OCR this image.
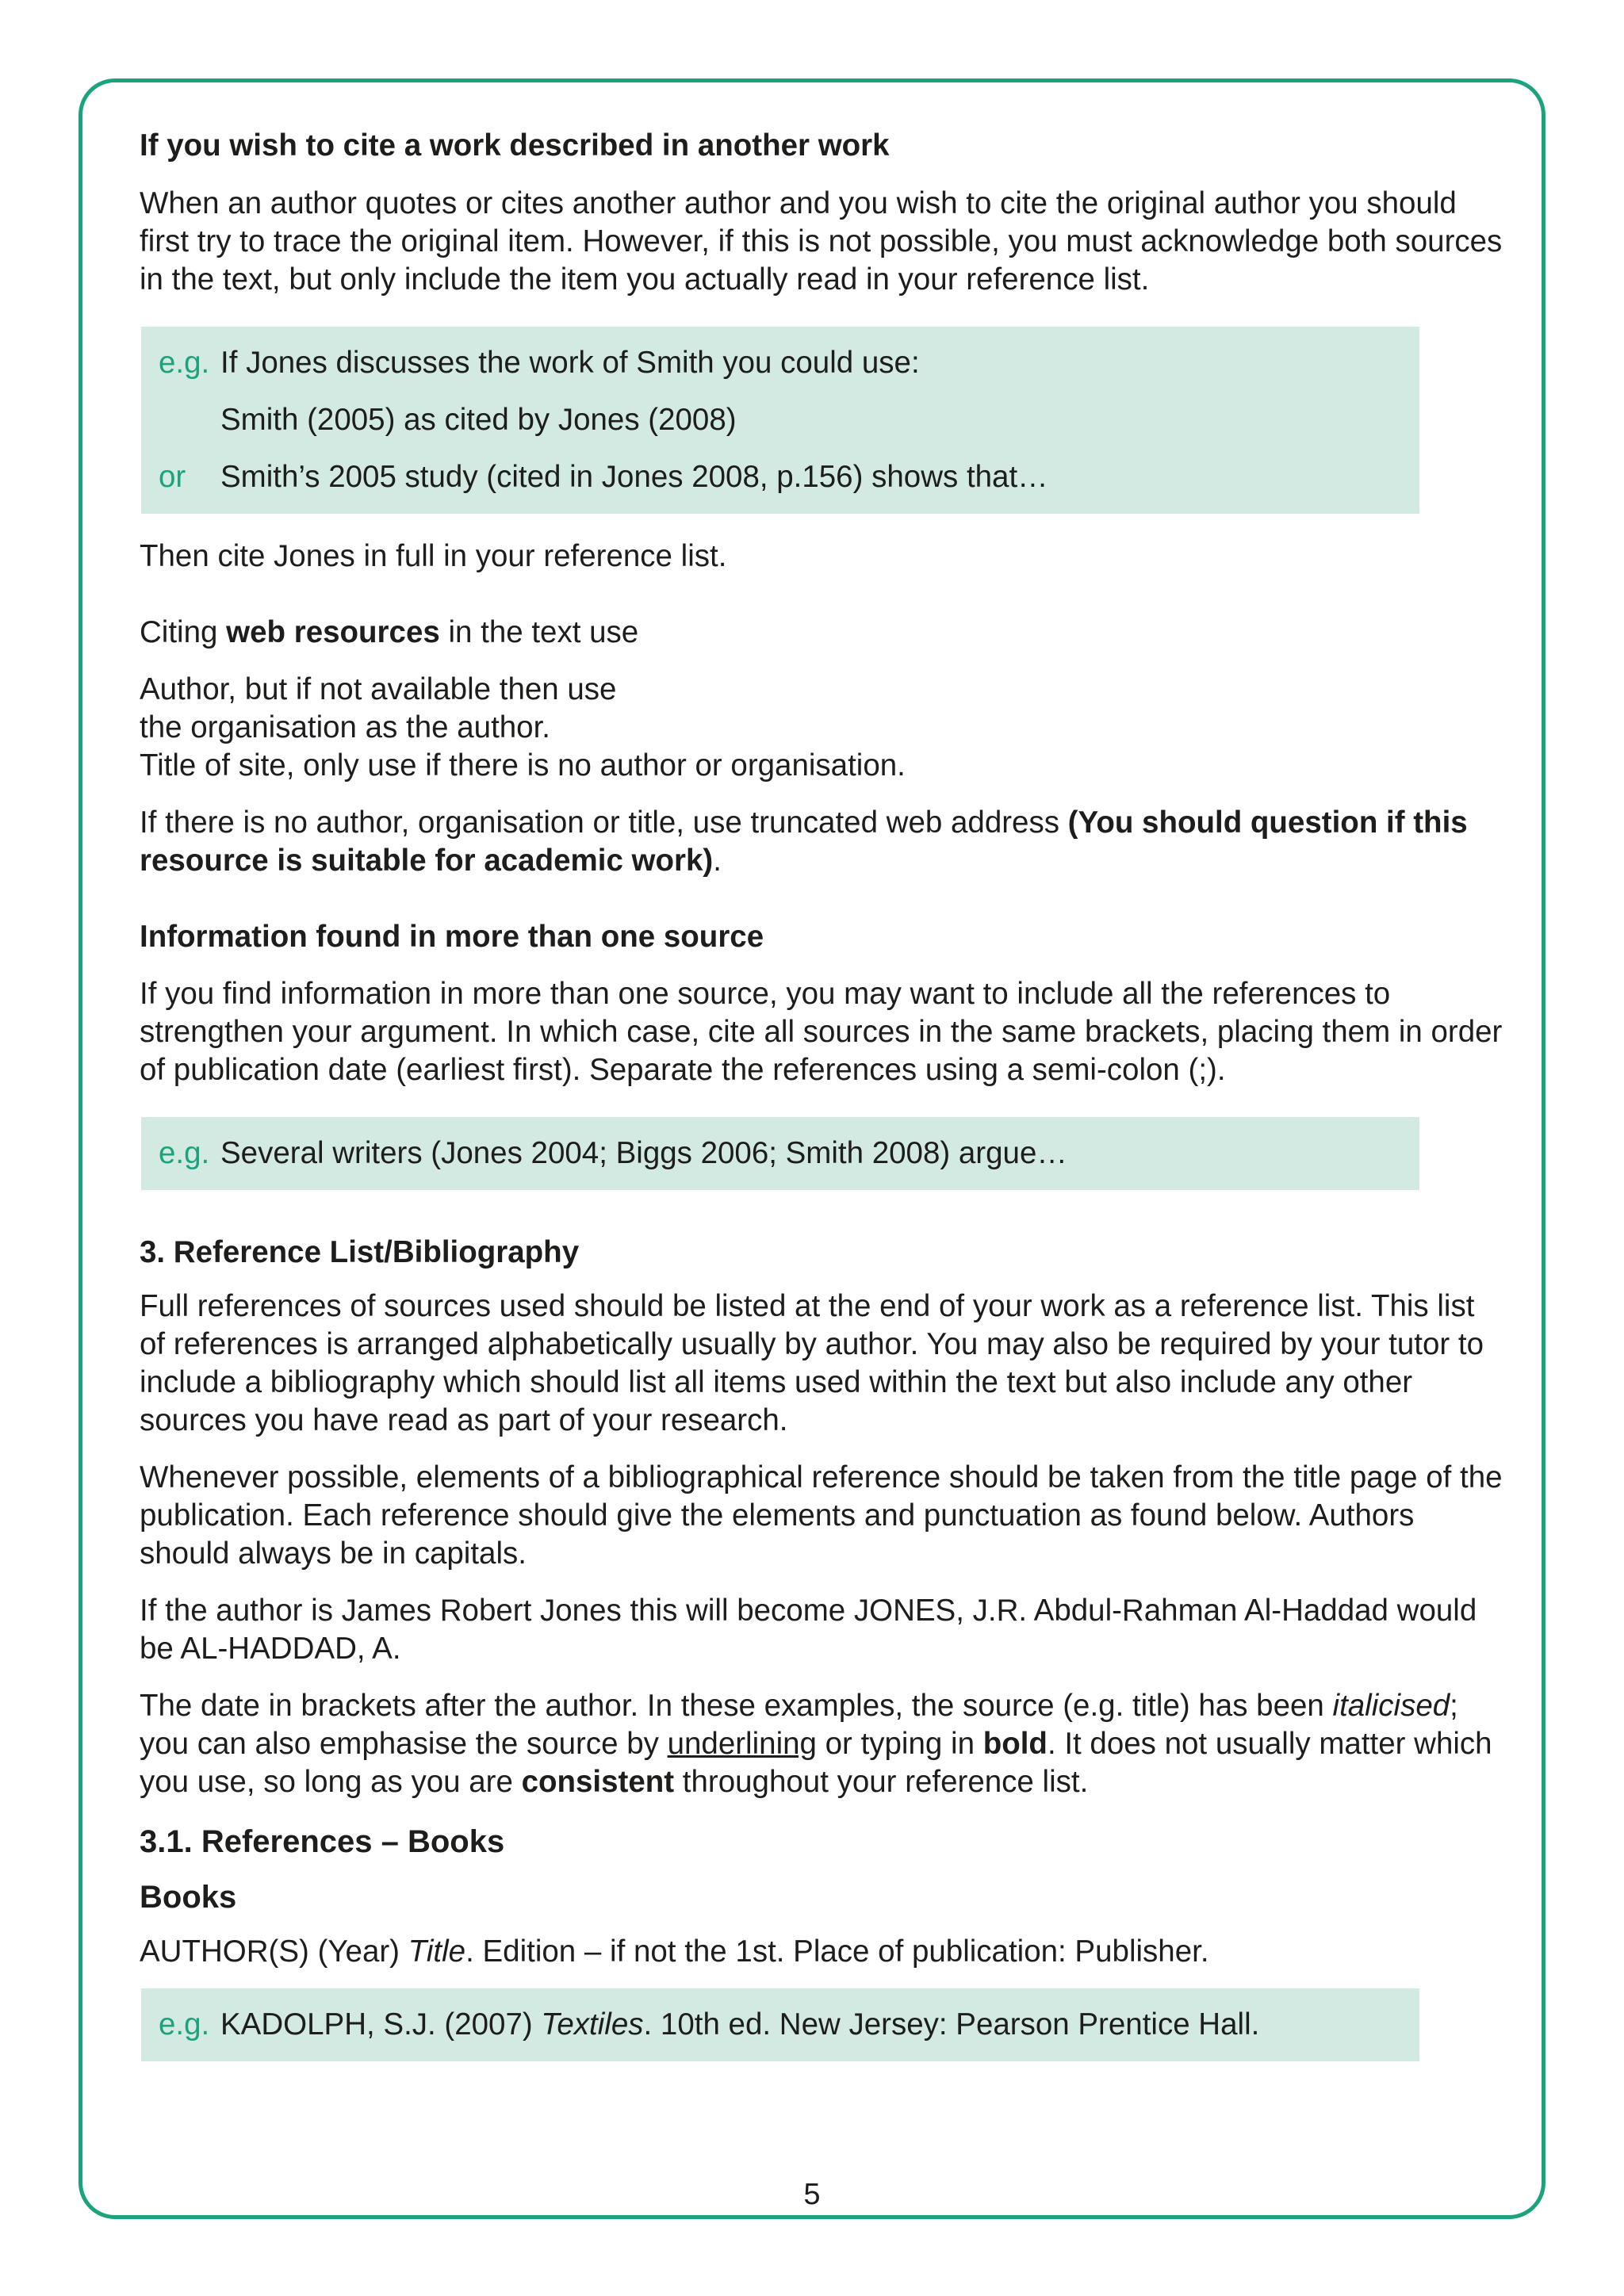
If you wish to cite a work described in another work

When an author quotes or cites another author and you wish to cite the original author you should first try to trace the original item. However, if this is not possible, you must acknowledge both sources in the text, but only include the item you actually read in your reference list.

e.g. If Jones discusses the work of Smith you could use:
Smith (2005) as cited by Jones (2008)
or	Smith’s 2005 study (cited in Jones 2008, p.156) shows that…

Then cite Jones in full in your reference list.

Citing web resources in the text use

Author, but if not available then use

the organisation as the author.

Title of site, only use if there is no author or organisation.

If there is no author, organisation or title, use truncated web address (You should question if this resource is suitable for academic work).

Information found in more than one source

If you find information in more than one source, you may want to include all the references to strengthen your argument. In which case, cite all sources in the same brackets, placing them in order of publication date (earliest first). Separate the references using a semi-colon (;).

e.g. Several writers (Jones 2004; Biggs 2006; Smith 2008) argue…

3. Reference List/Bibliography

Full references of sources used should be listed at the end of your work as a reference list. This list of references is arranged alphabetically usually by author. You may also be required by your tutor to include a bibliography which should list all items used within the text but also include any other sources you have read as part of your research.

Whenever possible, elements of a bibliographical reference should be taken from the title page of the publication. Each reference should give the elements and punctuation as found below. Authors should always be in capitals.

If the author is James Robert Jones this will become JONES, J.R. Abdul-Rahman Al-Haddad would be AL-HADDAD, A.

The date in brackets after the author. In these examples, the source (e.g. title) has been italicised; you can also emphasise the source by underlining or typing in bold. It does not usually matter which you use, so long as you are consistent throughout your reference list.

3.1. References – Books

Books

AUTHOR(S) (Year) Title. Edition – if not the 1st. Place of publication: Publisher.

e.g. KADOLPH, S.J. (2007) Textiles. 10th ed. New Jersey: Pearson Prentice Hall.
5
